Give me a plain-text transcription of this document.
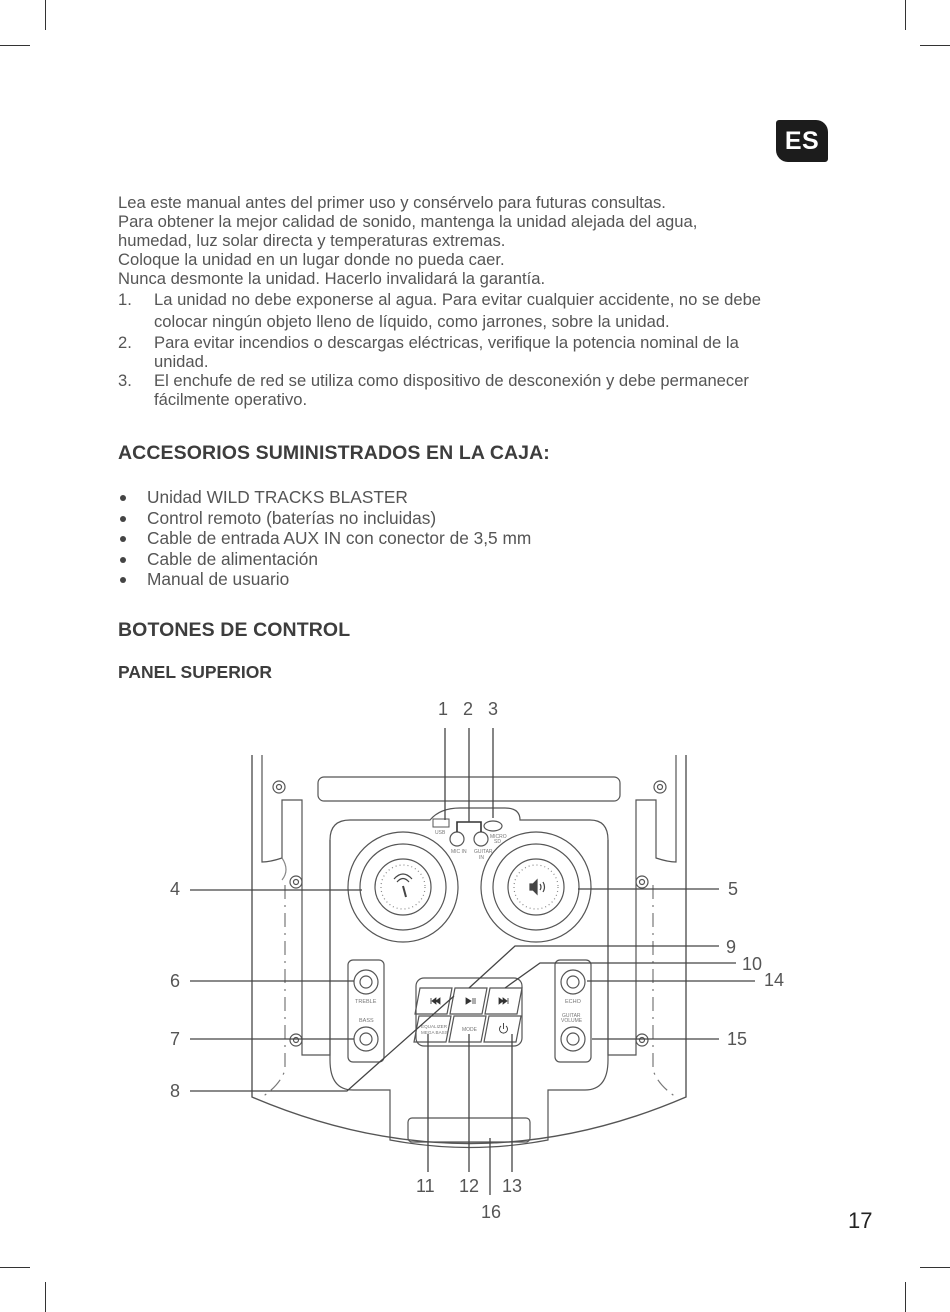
ES

Lea este manual antes del primer uso y consérvelo para futuras consultas.

Para obtener la mejor calidad de sonido, mantenga la unidad alejada del agua,

humedad, luz solar directa y temperaturas extremas.

Coloque la unidad en un lugar donde no pueda caer.

Nunca desmonte la unidad. Hacerlo invalidará la garantía.

1. La unidad no debe exponerse al agua. Para evitar cualquier accidente, no se debe
colocar ningún objeto lleno de líquido, como jarrones, sobre la unidad.
2. Para evitar incendios o descargas eléctricas, verifique la potencia nominal de la
unidad.
3. El enchufe de red se utiliza como dispositivo de desconexión y debe permanecer
fácilmente operativo.
ACCESORIOS SUMINISTRADOS EN LA CAJA:
Unidad WILD TRACKS BLASTER
Control remoto (baterías no incluidas)
Cable de entrada AUX IN con conector de 3,5 mm
Cable de alimentación
Manual de usuario
BOTONES DE CONTROL
PANEL SUPERIOR
USB
MIC IN GUITAR
IN
MICRO
SD
TREBLE
BASS
ECHO
GUITAR
VOLUME
EQUALIZER
MEGA BASS	MODE
1 2 3
4	5
6
7
8
9
10
11 12 13
14
15
16	17
